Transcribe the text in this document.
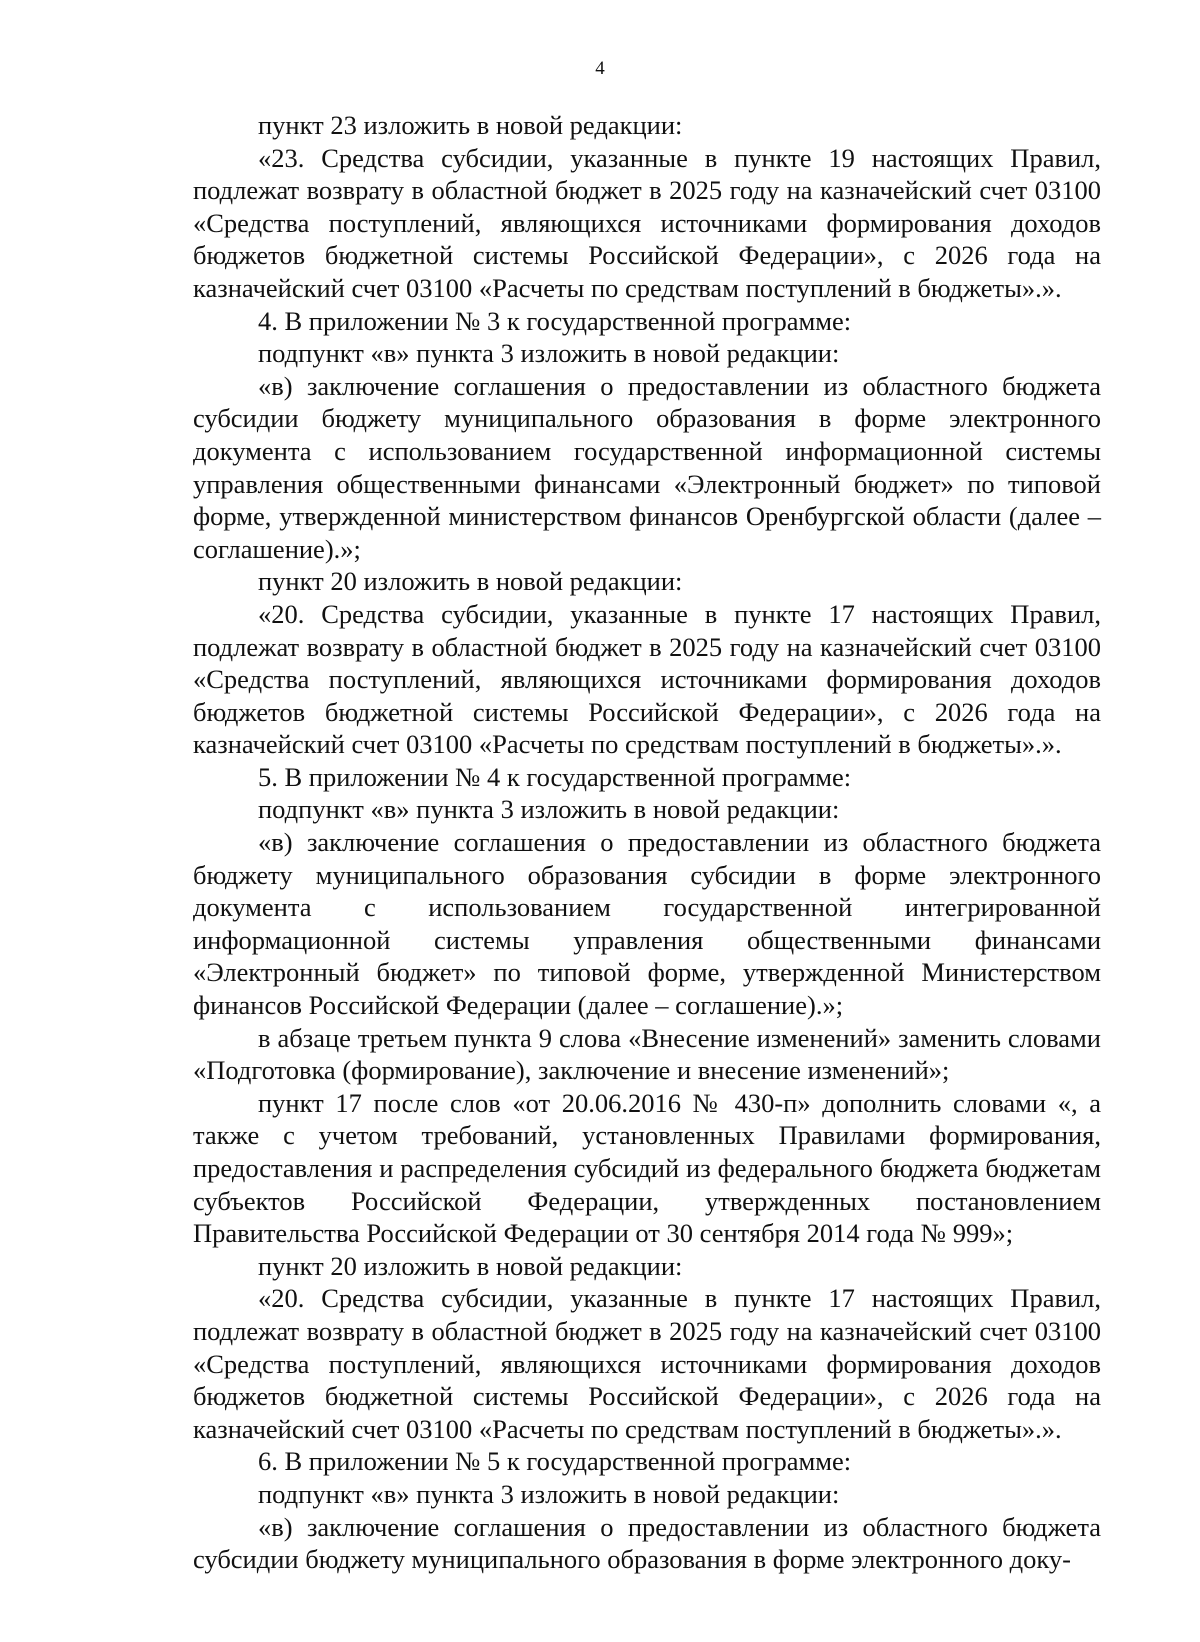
4

пункт 23 изложить в новой редакции:

«23. Средства субсидии, указанные в пункте 19 настоящих Правил, подлежат возврату в областной бюджет в 2025 году на казначейский счет 03100 «Средства поступлений, являющихся источниками формирования доходов бюджетов бюджетной системы Российской Федерации», с 2026 года на казначейский счет 03100 «Расчеты по средствам поступлений в бюджеты».».

4. В приложении № 3 к государственной программе:

подпункт «в» пункта 3 изложить в новой редакции:

«в) заключение соглашения о предоставлении из областного бюджета субсидии бюджету муниципального образования в форме электронного документа с использованием государственной информационной системы управления общественными финансами «Электронный бюджет» по типовой форме, утвержденной министерством финансов Оренбургской области (далее – соглашение).»;

пункт 20 изложить в новой редакции:

«20. Средства субсидии, указанные в пункте 17 настоящих Правил, подлежат возврату в областной бюджет в 2025 году на казначейский счет 03100 «Средства поступлений, являющихся источниками формирования доходов бюджетов бюджетной системы Российской Федерации», с 2026 года на казначейский счет 03100 «Расчеты по средствам поступлений в бюджеты».».

5. В приложении № 4 к государственной программе:

подпункт «в» пункта 3 изложить в новой редакции:

«в) заключение соглашения о предоставлении из областного бюджета бюджету муниципального образования субсидии в форме электронного документа с использованием государственной интегрированной информационной системы управления общественными финансами «Электронный бюджет» по типовой форме, утвержденной Министерством финансов Российской Федерации (далее – соглашение).»;

в абзаце третьем пункта 9 слова «Внесение изменений» заменить словами «Подготовка (формирование), заключение и внесение изменений»;

пункт 17 после слов «от 20.06.2016 № 430-п» дополнить словами «, а также с учетом требований, установленных Правилами формирования, предоставления и распределения субсидий из федерального бюджета бюджетам субъектов Российской Федерации, утвержденных постановлением Правительства Российской Федерации от 30 сентября 2014 года № 999»;

пункт 20 изложить в новой редакции:

«20. Средства субсидии, указанные в пункте 17 настоящих Правил, подлежат возврату в областной бюджет в 2025 году на казначейский счет 03100 «Средства поступлений, являющихся источниками формирования доходов бюджетов бюджетной системы Российской Федерации», с 2026 года на казначейский счет 03100 «Расчеты по средствам поступлений в бюджеты».».

6. В приложении № 5 к государственной программе:

подпункт «в» пункта 3 изложить в новой редакции:

«в) заключение соглашения о предоставлении из областного бюджета субсидии бюджету муниципального образования в форме электронного доку-
